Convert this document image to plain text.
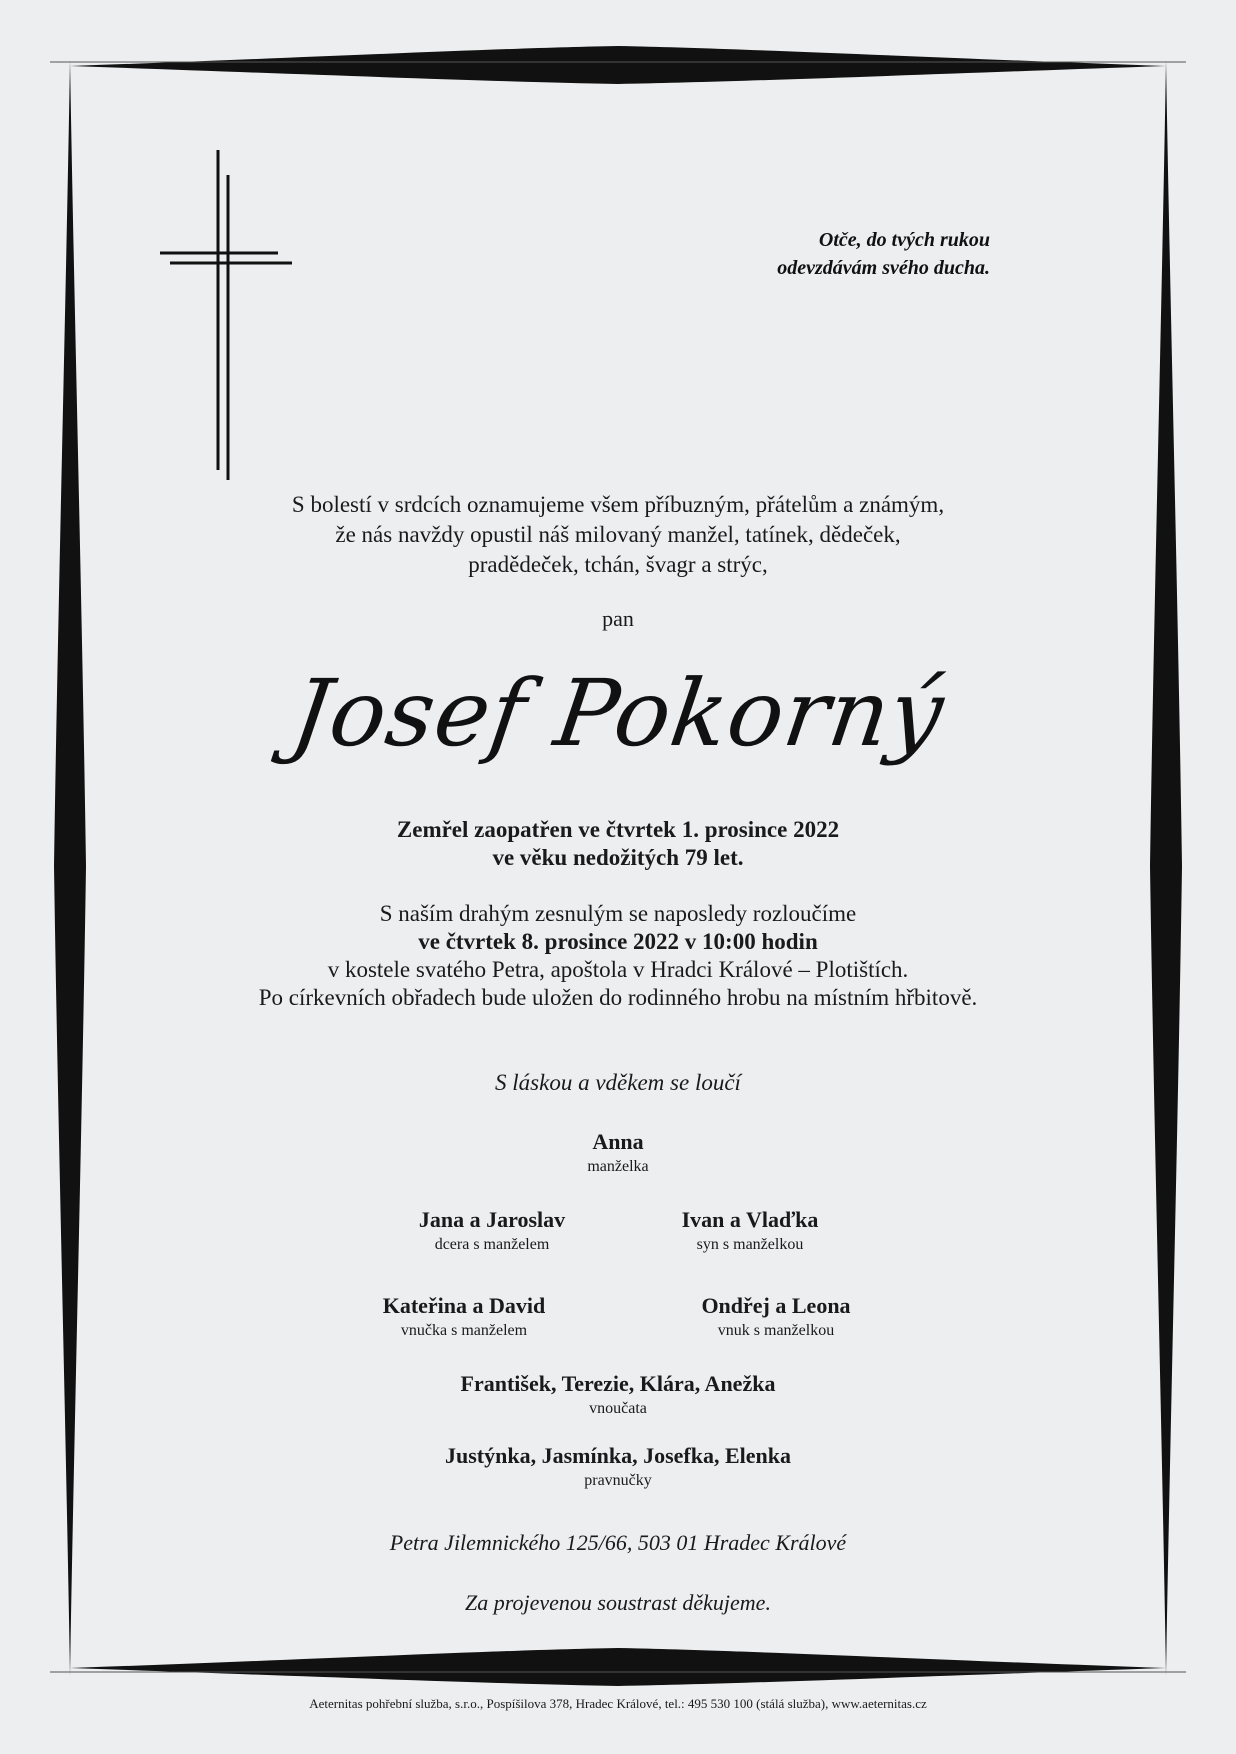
Otče, do tvých rukou
odevzdávám svého ducha.
S bolestí v srdcích oznamujeme všem příbuzným, přátelům a známým,
že nás navždy opustil náš milovaný manžel, tatínek, dědeček,
pradědeček, tchán, švagr a strýc,
pan
Josef Pokorný
Zemřel zaopatřen ve čtvrtek 1. prosince 2022
ve věku nedožitých 79 let.
S naším drahým zesnulým se naposledy rozloučíme
ve čtvrtek 8. prosince 2022 v 10:00 hodin
v kostele svatého Petra, apoštola v Hradci Králové – Plotištích.
Po církevních obřadech bude uložen do rodinného hrobu na místním hřbitově.
S láskou a vděkem se loučí
Anna
manželka
Jana a Jaroslav
dcera s manželem
Ivan a Vlaďka
syn s manželkou
Kateřina a David
vnučka s manželem
Ondřej a Leona
vnuk s manželkou
František, Terezie, Klára, Anežka
vnoučata
Justýnka, Jasmínka, Josefka, Elenka
pravnučky
Petra Jilemnického 125/66, 503 01 Hradec Králové
Za projevenou soustrast děkujeme.
Aeternitas pohřební služba, s.r.o., Pospíšilova 378, Hradec Králové, tel.: 495 530 100 (stálá služba), www.aeternitas.cz
